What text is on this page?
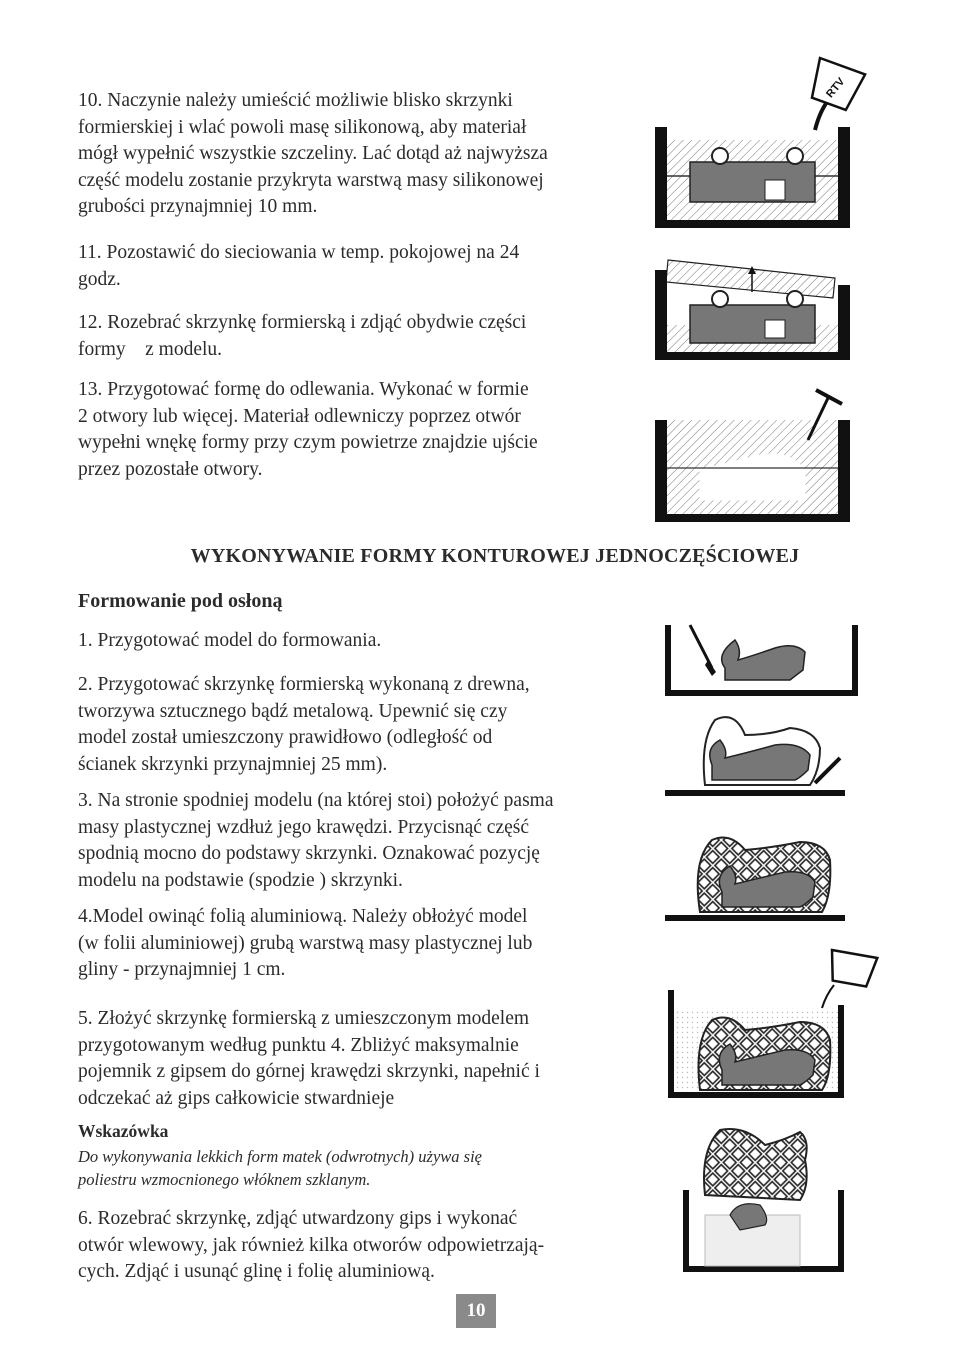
10. Naczynie należy umieścić możliwie blisko skrzynki
formierskiej i wlać powoli masę silikonową, aby materiał
mógł wypełnić wszystkie szczeliny. Lać dotąd aż najwyższa
część modelu zostanie przykryta warstwą masy silikonowej
grubości przynajmniej 10 mm.
11. Pozostawić do sieciowania w temp. pokojowej na 24
godz.
12. Rozebrać skrzynkę formierską i zdjąć obydwie części
formy    z modelu.
13. Przygotować formę do odlewania. Wykonać w formie
2 otwory lub więcej. Materiał odlewniczy poprzez otwór
wypełni wnękę formy przy czym powietrze znajdzie ujście
przez pozostałe otwory.
WYKONYWANIE FORMY KONTUROWEJ JEDNOCZĘŚCIOWEJ
Formowanie pod osłoną
1. Przygotować model do formowania.
2. Przygotować skrzynkę formierską wykonaną z drewna,
tworzywa sztucznego bądź metalową. Upewnić się czy
model został umieszczony prawidłowo (odległość od
ścianek skrzynki przynajmniej 25 mm).
3. Na stronie spodniej modelu (na której stoi) położyć pasma
masy plastycznej wzdłuż jego krawędzi. Przycisnąć część
spodnią mocno do podstawy skrzynki. Oznakować pozycję
modelu na podstawie (spodzie ) skrzynki.
4.Model owinąć folią aluminiową. Należy obłożyć model
(w folii aluminiowej) grubą warstwą masy plastycznej lub
gliny - przynajmniej 1 cm.
5. Złożyć skrzynkę formierską z umieszczonym modelem
przygotowanym według punktu 4. Zbliżyć maksymalnie
pojemnik z gipsem do górnej krawędzi skrzynki, napełnić i
odczekać aż gips całkowicie stwardnieje
Wskazówka
Do wykonywania lekkich form matek (odwrotnych) używa się
poliestru wzmocnionego włóknem szklanym.
6. Rozebrać skrzynkę, zdjąć utwardzony gips i wykonać
otwór wlewowy, jak również kilka otworów odpowietrzają-
cych. Zdjąć i usunąć glinę i folię aluminiową.
10
RTV
